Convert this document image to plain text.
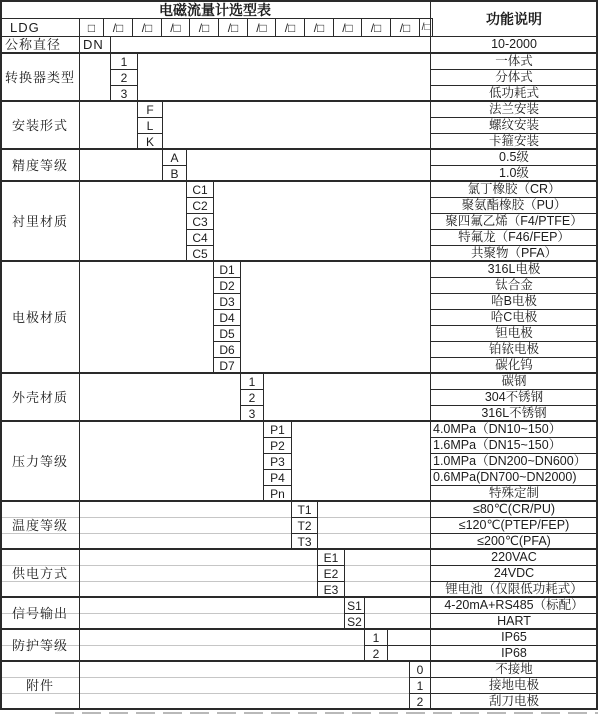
电磁流量计选型表
功能说明
LDG
公称直径	DN	10-2000
□	/□	/□	/□	/□	/□	/□	/□	/□	/□	/□	/□	/□
转换器类型
1	一体式
2	分体式
3	低功耗式
安装形式
F	法兰安装
L	螺纹安装
K	卡箍安装
精度等级	A	0.5级
B	1.0级
衬里材质
C1	氯丁橡胶（CR）
C2	聚氨酯橡胶（PU）
C3	聚四氟乙烯（F4/PTFE）
C4	特氟龙（F46/FEP）
C5	共聚物（PFA）
电极材质
D1	316L电极
D2	钛合金
D3	哈B电极
D4	哈C电极
D5	钽电极
D6	铂铱电极
D7	碳化钨
外壳材质
1	碳钢
2	304不锈钢
3	316L不锈钢
压力等级
P1	4.0MPa（DN10~150）
P2	1.6MPa（DN15~150）
P3	1.0MPa（DN200~DN600）
P4	0.6MPa(DN700~DN2000)
Pn	特殊定制
温度等级
T1	≤80℃(CR/PU)
T2	≤120℃(PTEP/FEP)
T3	≤200℃(PFA)
供电方式
E1	220VAC
E2	24VDC
E3	锂电池（仅限低功耗式）
信号输出	S1	4-20mA+RS485（标配）
S2	HART
防护等级	1	IP65
2	IP68
附件
0	不接地
1	接地电极
2	刮刀电极
